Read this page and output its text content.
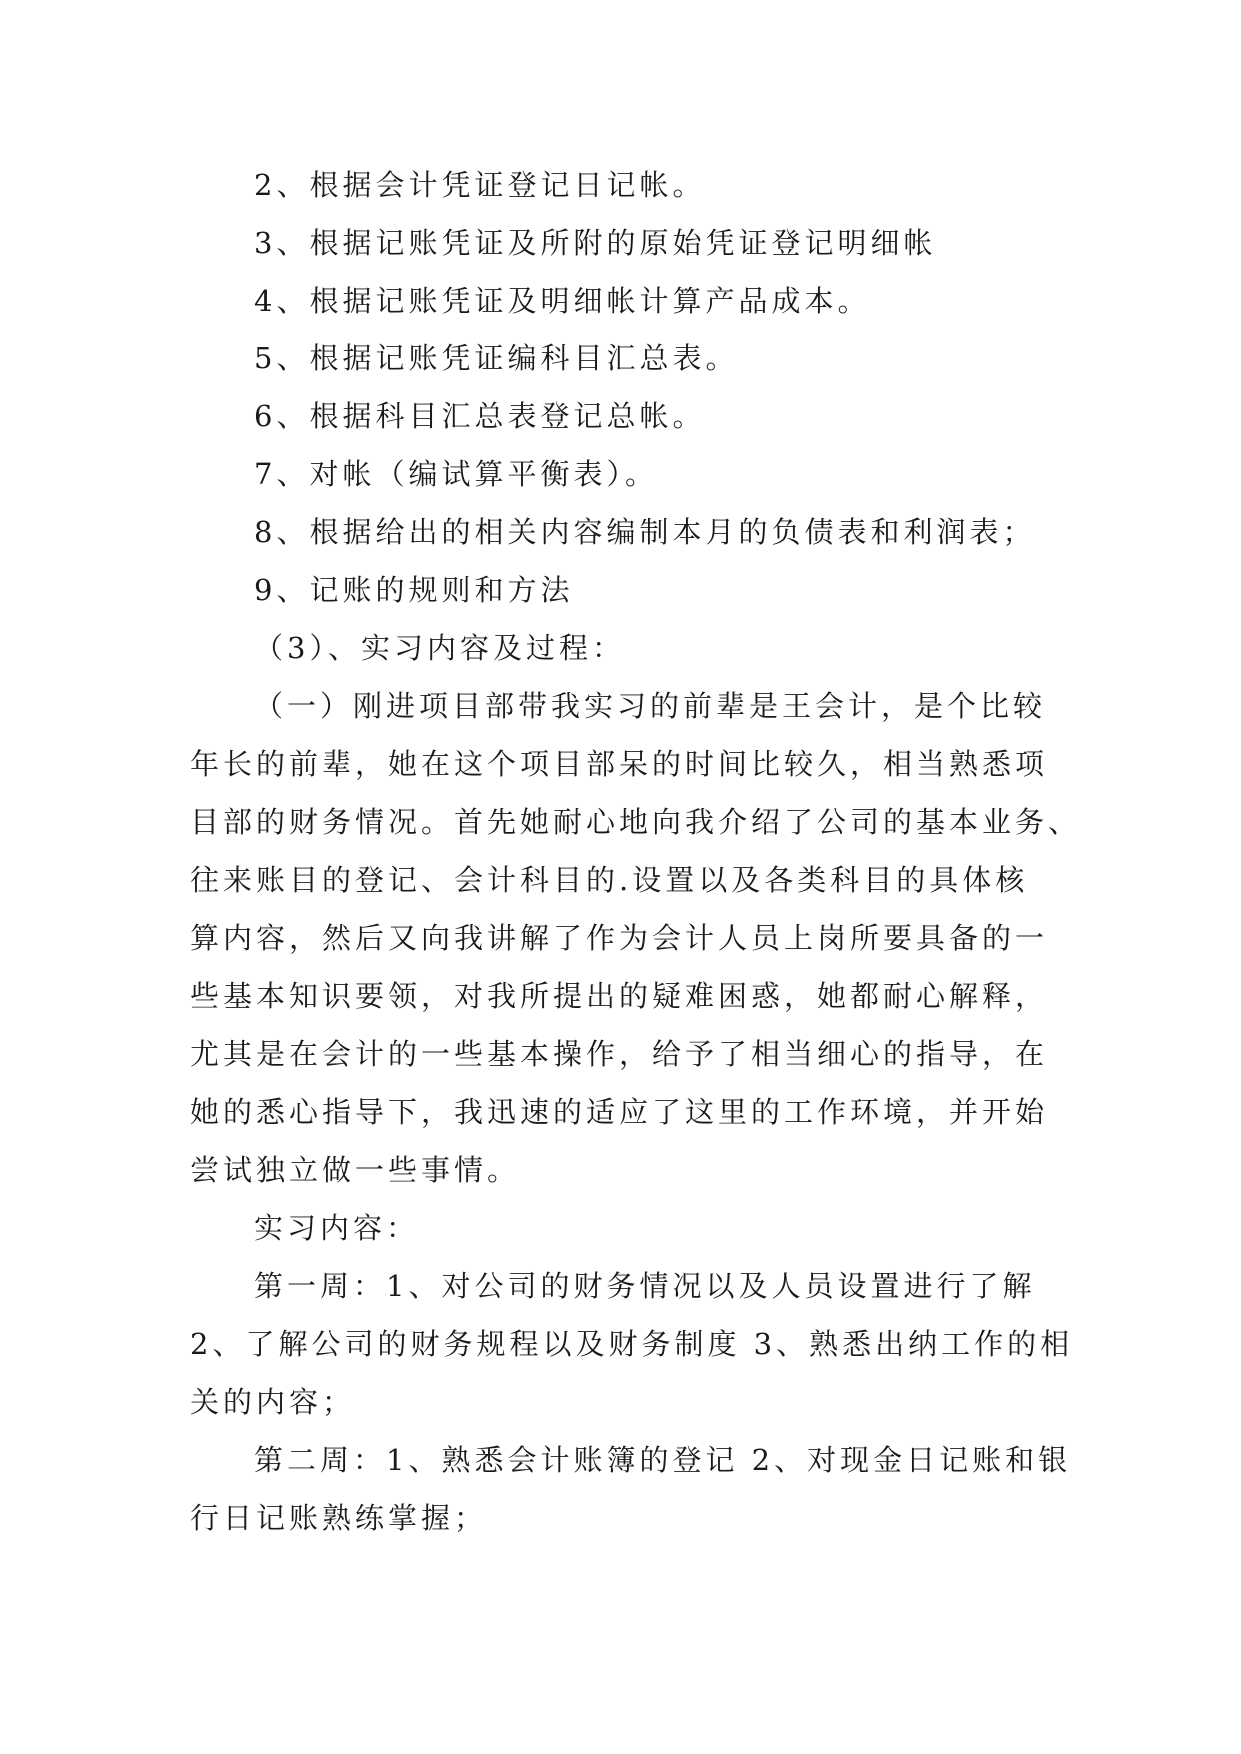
2、根据会计凭证登记日记帐。
3、根据记账凭证及所附的原始凭证登记明细帐
4、根据记账凭证及明细帐计算产品成本。
5、根据记账凭证编科目汇总表。
6、根据科目汇总表登记总帐。
7、对帐（编试算平衡表）。
8、根据给出的相关内容编制本月的负债表和利润表；
9、记账的规则和方法
（3）、实习内容及过程：
（一）刚进项目部带我实习的前辈是王会计，是个比较
年长的前辈，她在这个项目部呆的时间比较久，相当熟悉项
目部的财务情况。首先她耐心地向我介绍了公司的基本业务、
往来账目的登记、会计科目的.设置以及各类科目的具体核
算内容，然后又向我讲解了作为会计人员上岗所要具备的一
些基本知识要领，对我所提出的疑难困惑，她都耐心解释，
尤其是在会计的一些基本操作，给予了相当细心的指导，在
她的悉心指导下，我迅速的适应了这里的工作环境，并开始
尝试独立做一些事情。
实习内容：
第一周：1、对公司的财务情况以及人员设置进行了解
2、了解公司的财务规程以及财务制度 3、熟悉出纳工作的相
关的内容；
第二周：1、熟悉会计账簿的登记 2、对现金日记账和银
行日记账熟练掌握；
